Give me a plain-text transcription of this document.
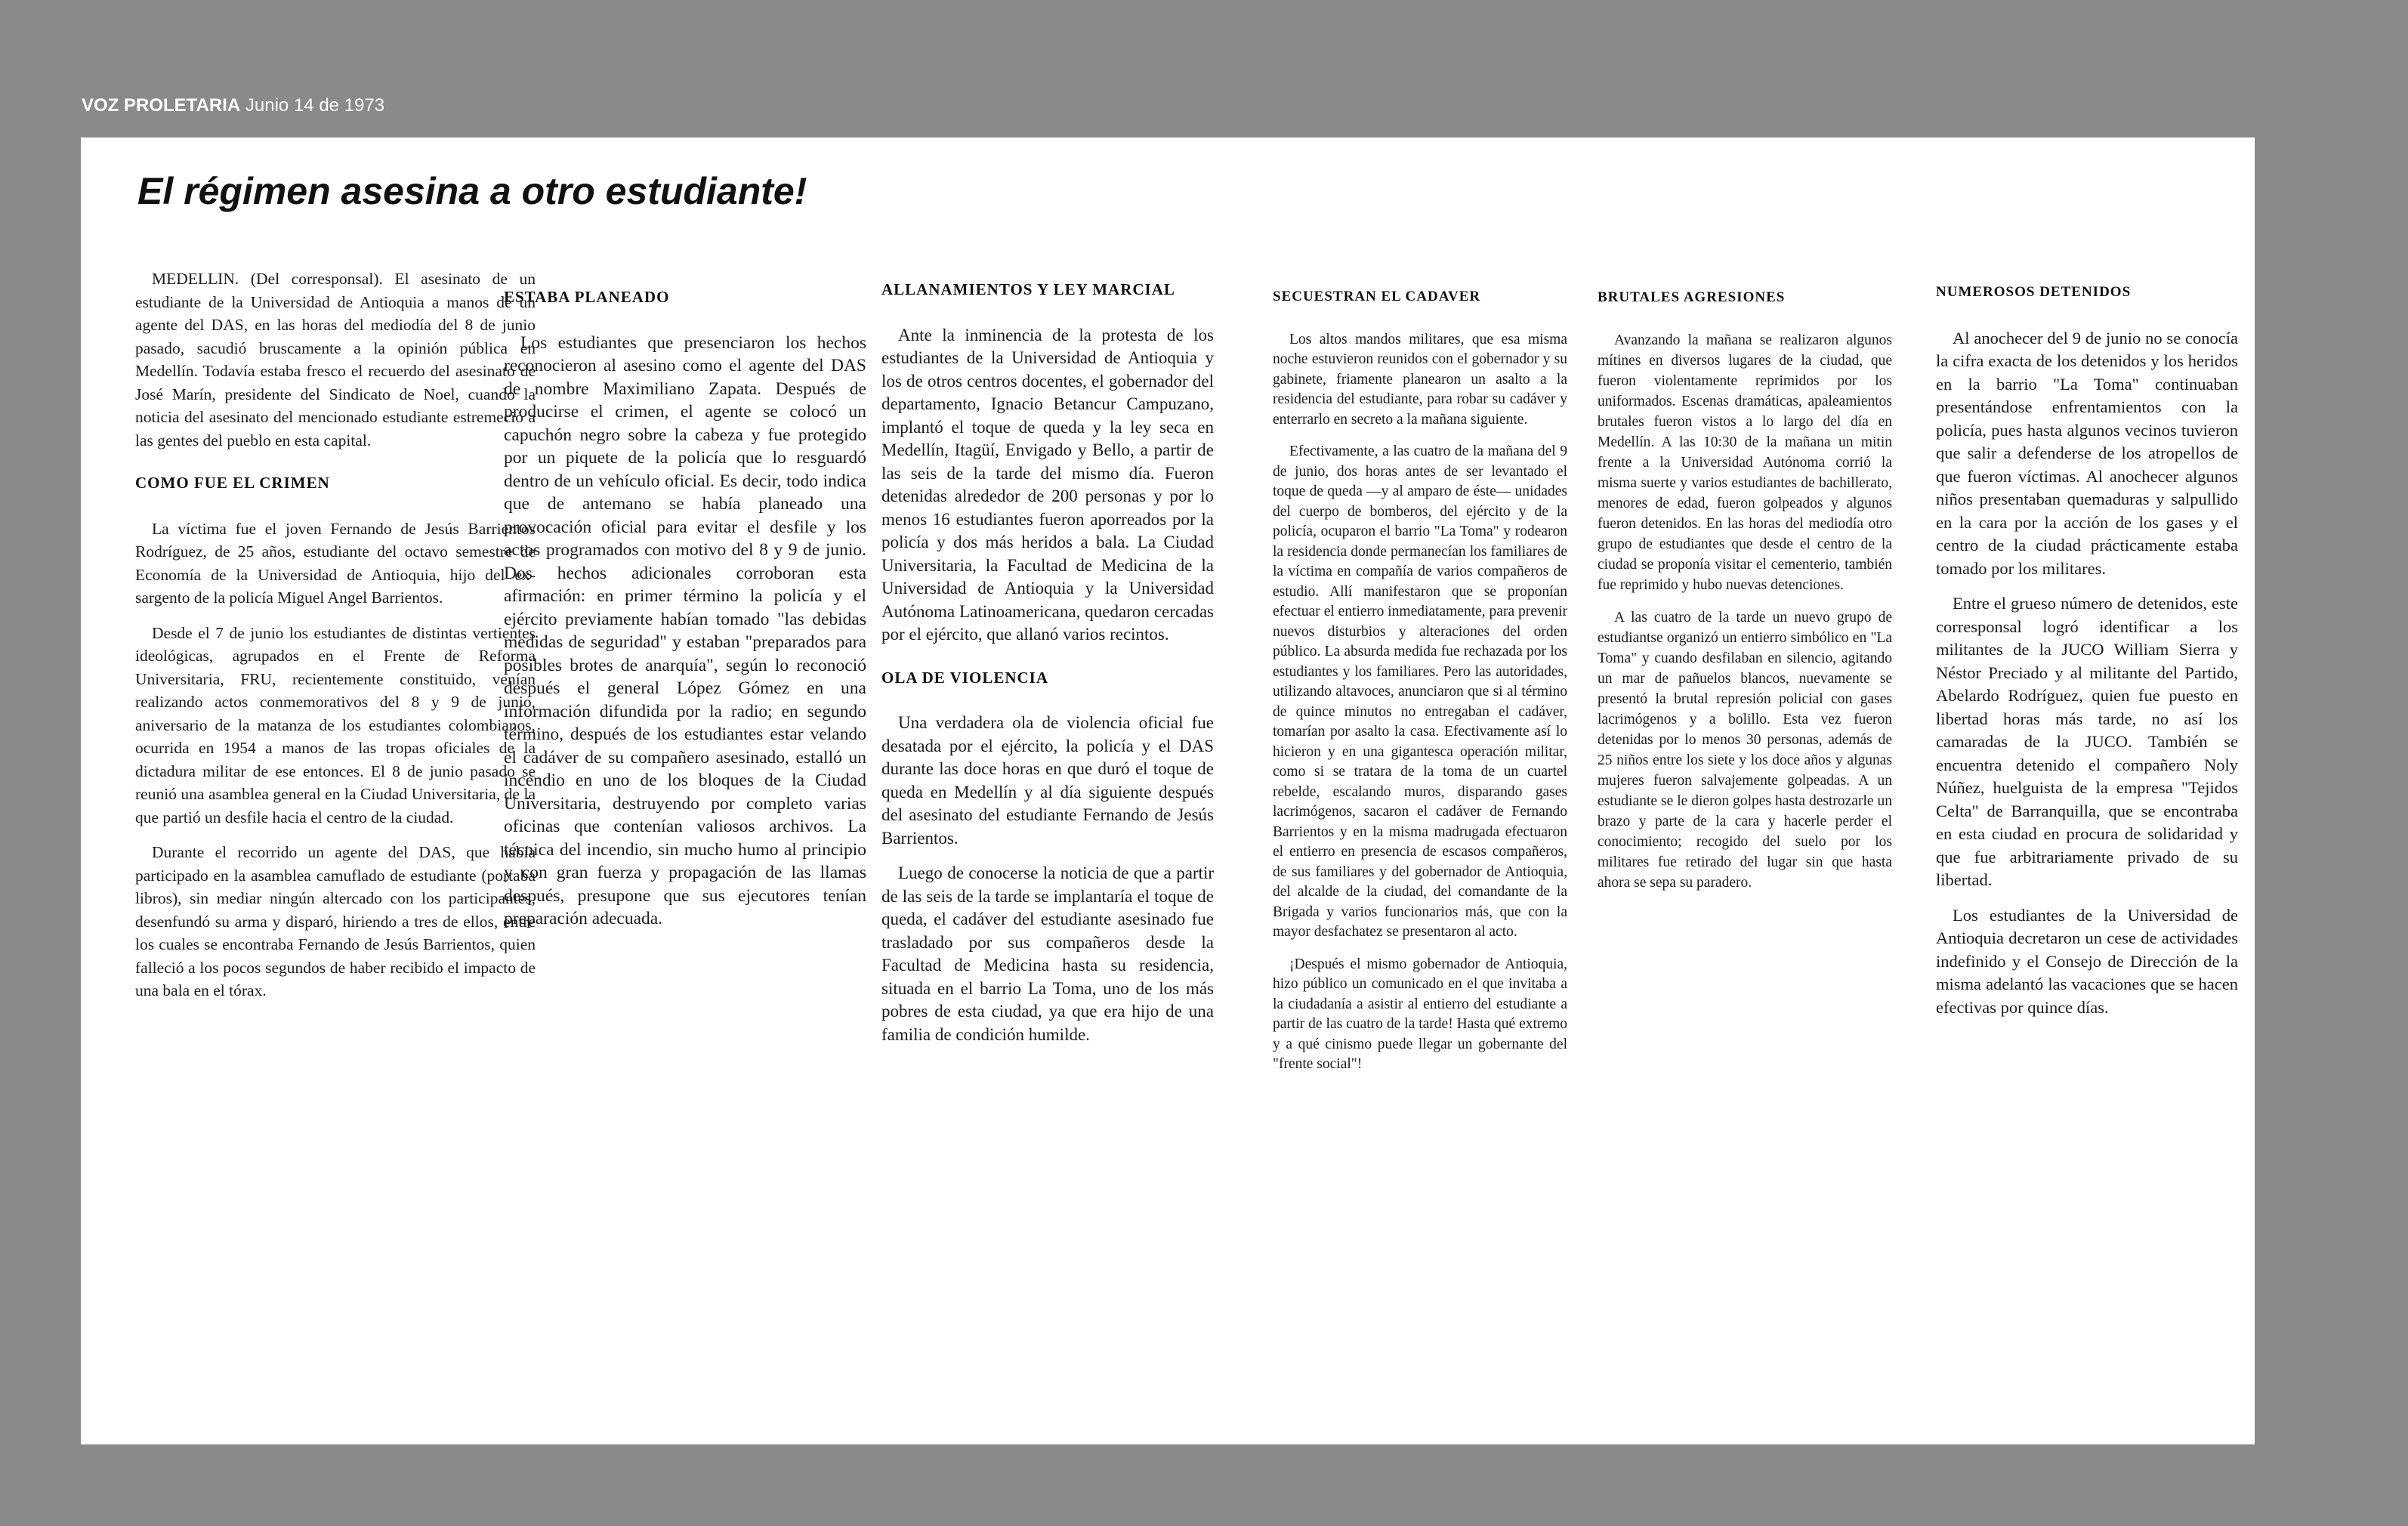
VOZ PROLETARIA Junio 14 de 1973
El régimen asesina a otro estudiante!

MEDELLIN. (Del corresponsal). El asesinato de un estudiante de la Universidad de Antioquia a manos de un agente del DAS, en las horas del mediodía del 8 de junio pasado, sacudió bruscamente a la opinión pública en Medellín. Todavía estaba fresco el recuerdo del asesinato de José Marín, presidente del Sindicato de Noel, cuando la noticia del asesinato del mencionado estudiante estremeció a las gentes del pueblo en esta capital.

COMO FUE EL CRIMEN

La víctima fue el joven Fernando de Jesús Barrientos Rodríguez, de 25 años, estudiante del octavo semestre de Economía de la Universidad de Antioquia, hijo del ex-sargento de la policía Miguel Angel Barrientos.

Desde el 7 de junio los estudiantes de distintas vertientes ideológicas, agrupados en el Frente de Reforma Universitaria, FRU, recientemente constituido, venían realizando actos conmemorativos del 8 y 9 de junio, aniversario de la matanza de los estudiantes colombianos, ocurrida en 1954 a manos de las tropas oficiales de la dictadura militar de ese entonces. El 8 de junio pasado se reunió una asamblea general en la Ciudad Universitaria, de la que partió un desfile hacia el centro de la ciudad.

Durante el recorrido un agente del DAS, que había participado en la asamblea camuflado de estudiante (portaba libros), sin mediar ningún altercado con los participantes, desenfundó su arma y disparó, hiriendo a tres de ellos, entre los cuales se encontraba Fernando de Jesús Barrientos, quien falleció a los pocos segundos de haber recibido el impacto de una bala en el tórax.

ESTABA PLANEADO

Los estudiantes que presenciaron los hechos reconocieron al asesino como el agente del DAS de nombre Maximiliano Zapata. Después de producirse el crimen, el agente se colocó un capuchón negro sobre la cabeza y fue protegido por un piquete de la policía que lo resguardó dentro de un vehículo oficial. Es decir, todo indica que de antemano se había planeado una provocación oficial para evitar el desfile y los actos programados con motivo del 8 y 9 de junio. Dos hechos adicionales corroboran esta afirmación: en primer término la policía y el ejército previamente habían tomado "las debidas medidas de seguridad" y estaban "preparados para posibles brotes de anarquía", según lo reconoció después el general López Gómez en una información difundida por la radio; en segundo término, después de los estudiantes estar velando el cadáver de su compañero asesinado, estalló un incendio en uno de los bloques de la Ciudad Universitaria, destruyendo por completo varias oficinas que contenían valiosos archivos. La técnica del incendio, sin mucho humo al principio y con gran fuerza y propagación de las llamas después, presupone que sus ejecutores tenían preparación adecuada.

ALLANAMIENTOS Y LEY MARCIAL

Ante la inminencia de la protesta de los estudiantes de la Universidad de Antioquia y los de otros centros docentes, el gobernador del departamento, Ignacio Betancur Campuzano, implantó el toque de queda y la ley seca en Medellín, Itagüí, Envigado y Bello, a partir de las seis de la tarde del mismo día. Fueron detenidas alrededor de 200 personas y por lo menos 16 estudiantes fueron aporreados por la policía y dos más heridos a bala. La Ciudad Universitaria, la Facultad de Medicina de la Universidad de Antioquia y la Universidad Autónoma Latinoamericana, quedaron cercadas por el ejército, que allanó varios recintos.

OLA DE VIOLENCIA

Una verdadera ola de violencia oficial fue desatada por el ejército, la policía y el DAS durante las doce horas en que duró el toque de queda en Medellín y al día siguiente después del asesinato del estudiante Fernando de Jesús Barrientos.

Luego de conocerse la noticia de que a partir de las seis de la tarde se implantaría el toque de queda, el cadáver del estudiante asesinado fue trasladado por sus compañeros desde la Facultad de Medicina hasta su residencia, situada en el barrio La Toma, uno de los más pobres de esta ciudad, ya que era hijo de una familia de condición humilde.

SECUESTRAN EL CADAVER

Los altos mandos militares, que esa misma noche estuvieron reunidos con el gobernador y su gabinete, friamente planearon un asalto a la residencia del estudiante, para robar su cadáver y enterrarlo en secreto a la mañana siguiente.

Efectivamente, a las cuatro de la mañana del 9 de junio, dos horas antes de ser levantado el toque de queda —y al amparo de éste— unidades del cuerpo de bomberos, del ejército y de la policía, ocuparon el barrio "La Toma" y rodearon la residencia donde permanecían los familiares de la víctima en compañía de varios compañeros de estudio. Allí manifestaron que se proponían efectuar el entierro inmediatamente, para prevenir nuevos disturbios y alteraciones del orden público. La absurda medida fue rechazada por los estudiantes y los familiares. Pero las autoridades, utilizando altavoces, anunciaron que si al término de quince minutos no entregaban el cadáver, tomarían por asalto la casa. Efectivamente así lo hicieron y en una gigantesca operación militar, como si se tratara de la toma de un cuartel rebelde, escalando muros, disparando gases lacrimógenos, sacaron el cadáver de Fernando Barrientos y en la misma madrugada efectuaron el entierro en presencia de escasos compañeros, de sus familiares y del gobernador de Antioquia, del alcalde de la ciudad, del comandante de la Brigada y varios funcionarios más, que con la mayor desfachatez se presentaron al acto.

¡Después el mismo gobernador de Antioquia, hizo público un comunicado en el que invitaba a la ciudadanía a asistir al entierro del estudiante a partir de las cuatro de la tarde! Hasta qué extremo y a qué cinismo puede llegar un gobernante del "frente social"!

BRUTALES AGRESIONES

Avanzando la mañana se realizaron algunos mítines en diversos lugares de la ciudad, que fueron violentamente reprimidos por los uniformados. Escenas dramáticas, apaleamientos brutales fueron vistos a lo largo del día en Medellín. A las 10:30 de la mañana un mitin frente a la Universidad Autónoma corrió la misma suerte y varios estudiantes de bachillerato, menores de edad, fueron golpeados y algunos fueron detenidos. En las horas del mediodía otro grupo de estudiantes que desde el centro de la ciudad se proponía visitar el cementerio, también fue reprimido y hubo nuevas detenciones.

A las cuatro de la tarde un nuevo grupo de estudiantse organizó un entierro simbólico en "La Toma" y cuando desfilaban en silencio, agitando un mar de pañuelos blancos, nuevamente se presentó la brutal represión policial con gases lacrimógenos y a bolillo. Esta vez fueron detenidas por lo menos 30 personas, además de 25 niños entre los siete y los doce años y algunas mujeres fueron salvajemente golpeadas. A un estudiante se le dieron golpes hasta destrozarle un brazo y parte de la cara y hacerle perder el conocimiento; recogido del suelo por los militares fue retirado del lugar sin que hasta ahora se sepa su paradero.

NUMEROSOS DETENIDOS

Al anochecer del 9 de junio no se conocía la cifra exacta de los detenidos y los heridos en la barrio "La Toma" continuaban presentándose enfrentamientos con la policía, pues hasta algunos vecinos tuvieron que salir a defenderse de los atropellos de que fueron víctimas. Al anochecer algunos niños presentaban quemaduras y salpullido en la cara por la acción de los gases y el centro de la ciudad prácticamente estaba tomado por los militares.

Entre el grueso número de detenidos, este corresponsal logró identificar a los militantes de la JUCO William Sierra y Néstor Preciado y al militante del Partido, Abelardo Rodríguez, quien fue puesto en libertad horas más tarde, no así los camaradas de la JUCO. También se encuentra detenido el compañero Noly Núñez, huelguista de la empresa "Tejidos Celta" de Barranquilla, que se encontraba en esta ciudad en procura de solidaridad y que fue arbitrariamente privado de su libertad.

Los estudiantes de la Universidad de Antioquia decretaron un cese de actividades indefinido y el Consejo de Dirección de la misma adelantó las vacaciones que se hacen efectivas por quince días.
